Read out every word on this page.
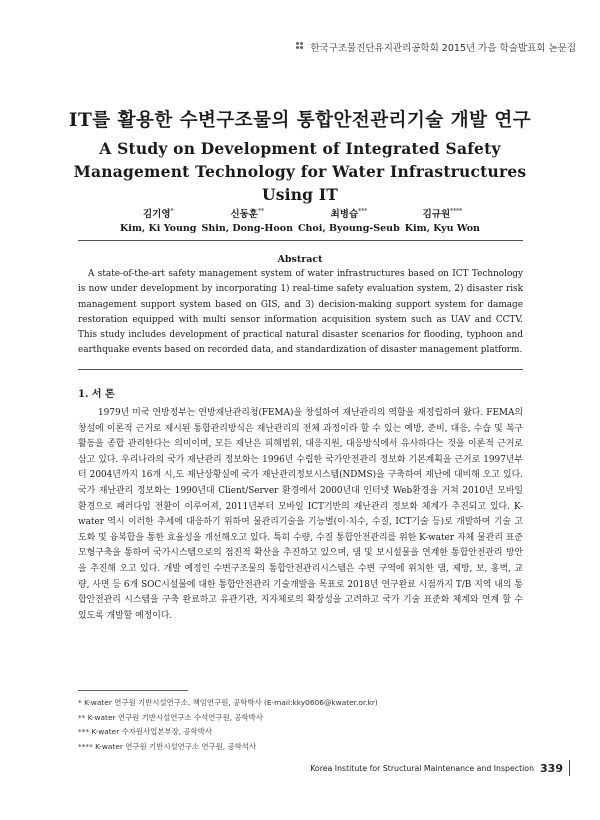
한국구조물진단유지관리공학회 2015년 가을 학술발표회 논문집
IT를 활용한 수변구조물의 통합안전관리기술 개발 연구
A Study on Development of Integrated Safety Management Technology for Water Infrastructures Using IT
김기영*
Kim, Ki Young
신동훈**
Shin, Dong-Hoon
최병습***
Choi, Byoung-Seub
김규원****
Kim, Kyu Won
Abstract
A state-of-the-art safety management system of water infrastructures based on ICT Technology is now under development by incorporating 1) real-time safety evaluation system, 2) disaster risk management support system based on GIS, and 3) decision-making support system for damage restoration equipped with multi sensor information acquisition system such as UAV and CCTV. This study includes development of practical natural disaster scenarios for flooding, typhoon and earthquake events based on recorded data, and standardization of disaster management platform.
1. 서 론
1979년 미국 연방정부는 연방재난관리청(FEMA)을 창설하여 재난관리의 역할을 재정립하여 왔다. FEMA의 창설에 이론적 근거로 제시된 통합관리방식은 재난관리의 전체 과정이라 할 수 있는 예방, 준비, 대응, 수습 및 복구활동을 종합 관리한다는 의미이며, 모든 재난은 피해범위, 대응지원, 대응방식에서 유사하다는 것을 이론적 근거로 삼고 있다. 우리나라의 국가 재난관리 정보화는 1996년 수립한 국가안전관리 정보화 기본계획을 근거로 1997년부터 2004년까지 16개 시,도 재난상황실에 국가 재난관리정보시스템(NDMS)을 구축하여 재난에 대비해 오고 있다. 국가 재난관리 정보화는 1990년대 Client/Server 환경에서 2000년대 인터넷 Web환경을 거쳐 2010년 모바일 환경으로 패러다임 전환이 이루어져, 2011년부터 모바일 ICT기반의 재난관리 정보화 체계가 추진되고 있다. K-water 역시 이러한 추세에 대응하기 위하여 물관리기술을 기능별(이·치수, 수질, ICT기술 등)로 개발하여 기술 고도화 및 융복합을 통한 효율성을 개선해오고 있다. 특히 수량, 수질 통합안전관리를 위한 K-water 자체 물관리 표준모형구축을 통하여 국가시스템으로의 점진적 확산을 추진하고 있으며, 댐 및 보시설물을 연계한 통합안전관리 방안을 추진해 오고 있다. 개발 예정인 수변구조물의 통합안전관리시스템은 수변 구역에 위치한 댐, 제방, 보, 홍벽, 교량, 사면 등 6개 SOC시설물에 대한 통합안전관리 기술개발을 목표로 2018년 연구완료 시점까지 T/B 지역 내의 통합안전관리 시스템을 구축 완료하고 유관기관, 지자체로의 확장성을 고려하고 국가 기술 표준화 체계와 연계 할 수 있도록 개발할 예정이다.
* K-water 연구원 기반시설연구소, 책임연구원, 공학박사 (E-mail:kky0606@kwater.or.kr)
** K-water 연구원 기반시설연구소 수석연구원, 공학박사
*** K-water 수자원사업본부장, 공학박사
**** K-water 연구원 기반시설연구소 연구원, 공학석사
Korea Institute for Structural Maintenance and Inspection 339
